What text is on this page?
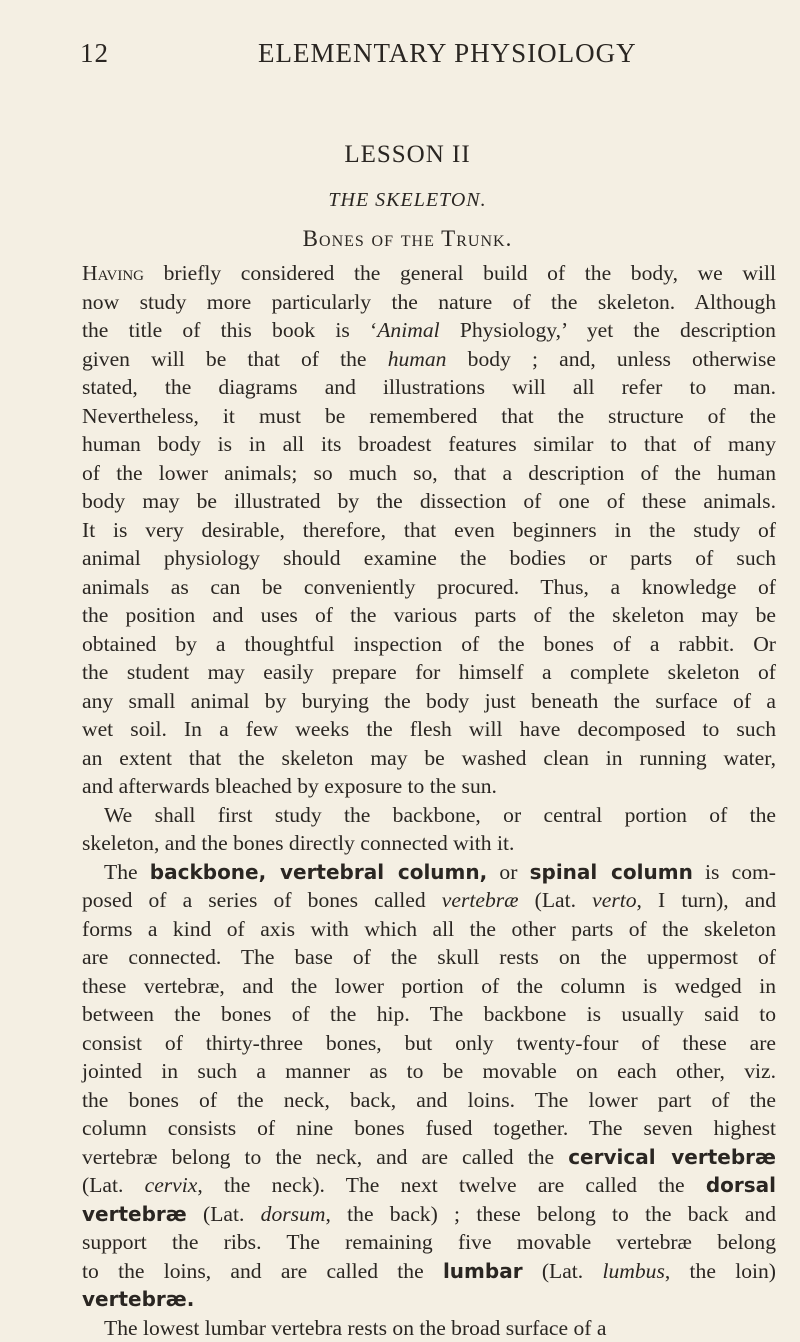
12	ELEMENTARY PHYSIOLOGY
LESSON II
THE SKELETON.
Bones of the Trunk.

Having briefly considered the general build of the body, we will
now study more particularly the nature of the skeleton. Although
the title of this book is ‘Animal Physiology,’ yet the description
given will be that of the human body ; and, unless otherwise
stated, the diagrams and illustrations will all refer to man.
Nevertheless, it must be remembered that the structure of the
human body is in all its broadest features similar to that of many
of the lower animals; so much so, that a description of the human
body may be illustrated by the dissection of one of these animals.
It is very desirable, therefore, that even beginners in the study of
animal physiology should examine the bodies or parts of such
animals as can be conveniently procured. Thus, a knowledge of
the position and uses of the various parts of the skeleton may be
obtained by a thoughtful inspection of the bones of a rabbit. Or
the student may easily prepare for himself a complete skeleton of
any small animal by burying the body just beneath the surface of a
wet soil. In a few weeks the flesh will have decomposed to such
an extent that the skeleton may be washed clean in running water,
and afterwards bleached by exposure to the sun.

We shall first study the backbone, or central portion of the
skeleton, and the bones directly connected with it.

The backbone, vertebral column, or spinal column is com-
posed of a series of bones called vertebræ (Lat. verto, I turn), and
forms a kind of axis with which all the other parts of the skeleton
are connected. The base of the skull rests on the uppermost of
these vertebræ, and the lower portion of the column is wedged in
between the bones of the hip. The backbone is usually said to
consist of thirty-three bones, but only twenty-four of these are
jointed in such a manner as to be movable on each other, viz.
the bones of the neck, back, and loins. The lower part of the
column consists of nine bones fused together. The seven highest
vertebræ belong to the neck, and are called the cervical vertebræ
(Lat. cervix, the neck). The next twelve are called the dorsal
vertebræ (Lat. dorsum, the back) ; these belong to the back and
support the ribs. The remaining five movable vertebræ belong
to the loins, and are called the lumbar (Lat. lumbus, the loin)
vertebræ.

The lowest lumbar vertebra rests on the broad surface of a
